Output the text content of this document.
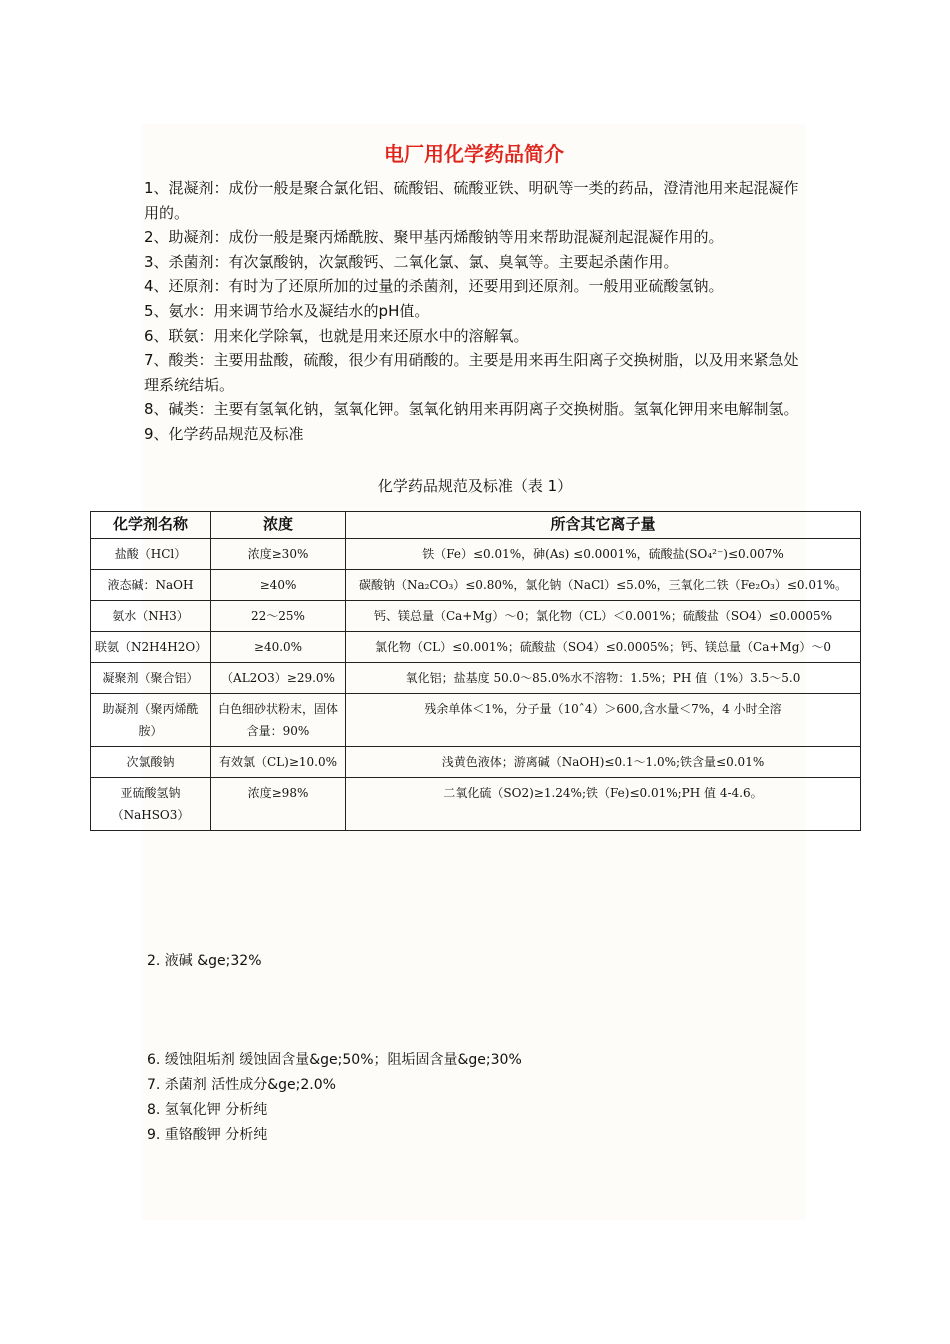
电厂用化学药品简介

1、混凝剂：成份一般是聚合氯化铝、硫酸铝、硫酸亚铁、明矾等一类的药品，澄清池用来起混凝作用的。

2、助凝剂：成份一般是聚丙烯酰胺、聚甲基丙烯酸钠等用来帮助混凝剂起混凝作用的。

3、杀菌剂：有次氯酸钠，次氯酸钙、二氧化氯、氯、臭氧等。主要起杀菌作用。

4、还原剂：有时为了还原所加的过量的杀菌剂，还要用到还原剂。一般用亚硫酸氢钠。

5、氨水：用来调节给水及凝结水的pH值。

6、联氨：用来化学除氧，也就是用来还原水中的溶解氧。

7、酸类：主要用盐酸，硫酸，很少有用硝酸的。主要是用来再生阳离子交换树脂，以及用来紧急处理系统结垢。

8、碱类：主要有氢氧化钠，氢氧化钾。氢氧化钠用来再阴离子交换树脂。氢氧化钾用来电解制氢。

9、化学药品规范及标准

化学药品规范及标准（表 1）
化学剂名称	浓度	所含其它离子量
盐酸（HCl）	浓度≥30%	铁（Fe）≤0.01%，砷(As) ≤0.0001%，硫酸盐(SO₄²⁻)≤0.007%
液态碱：NaOH	≥40%	碳酸钠（Na₂CO₃）≤0.80%，氯化钠（NaCl）≤5.0%，三氧化二铁（Fe₂O₃）≤0.01%。
氨水（NH3）	22～25%	钙、镁总量（Ca+Mg）～0；氯化物（CL）＜0.001%；硫酸盐（SO4）≤0.0005%
联氨（N2H4H2O）	≥40.0%	氯化物（CL）≤0.001%；硫酸盐（SO4）≤0.0005%；钙、镁总量（Ca+Mg）～0
凝聚剂（聚合铝）	（AL2O3）≥29.0%	氧化铝；盐基度 50.0～85.0%水不溶物：1.5%；PH 值（1%）3.5～5.0
助凝剂（聚丙烯酰胺）	白色细砂状粉末，固体含量：90%	残余单体＜1%，分子量（10ˆ4）＞600,含水量＜7%，4 小时全溶
次氯酸钠	有效氯（CL)≥10.0%	浅黄色液体；游离碱（NaOH)≤0.1～1.0%;铁含量≤0.01%
亚硫酸氢钠（NaHSO3）	浓度≥98%	二氧化硫（SO2)≥1.24%;铁（Fe)≤0.01%;PH 值 4-4.6。
2. 液碱 &ge;32%
6. 缓蚀阻垢剂 缓蚀固含量&ge;50%；阻垢固含量&ge;30%
7. 杀菌剂 活性成分&ge;2.0%
8. 氢氧化钾 分析纯
9. 重铬酸钾 分析纯
